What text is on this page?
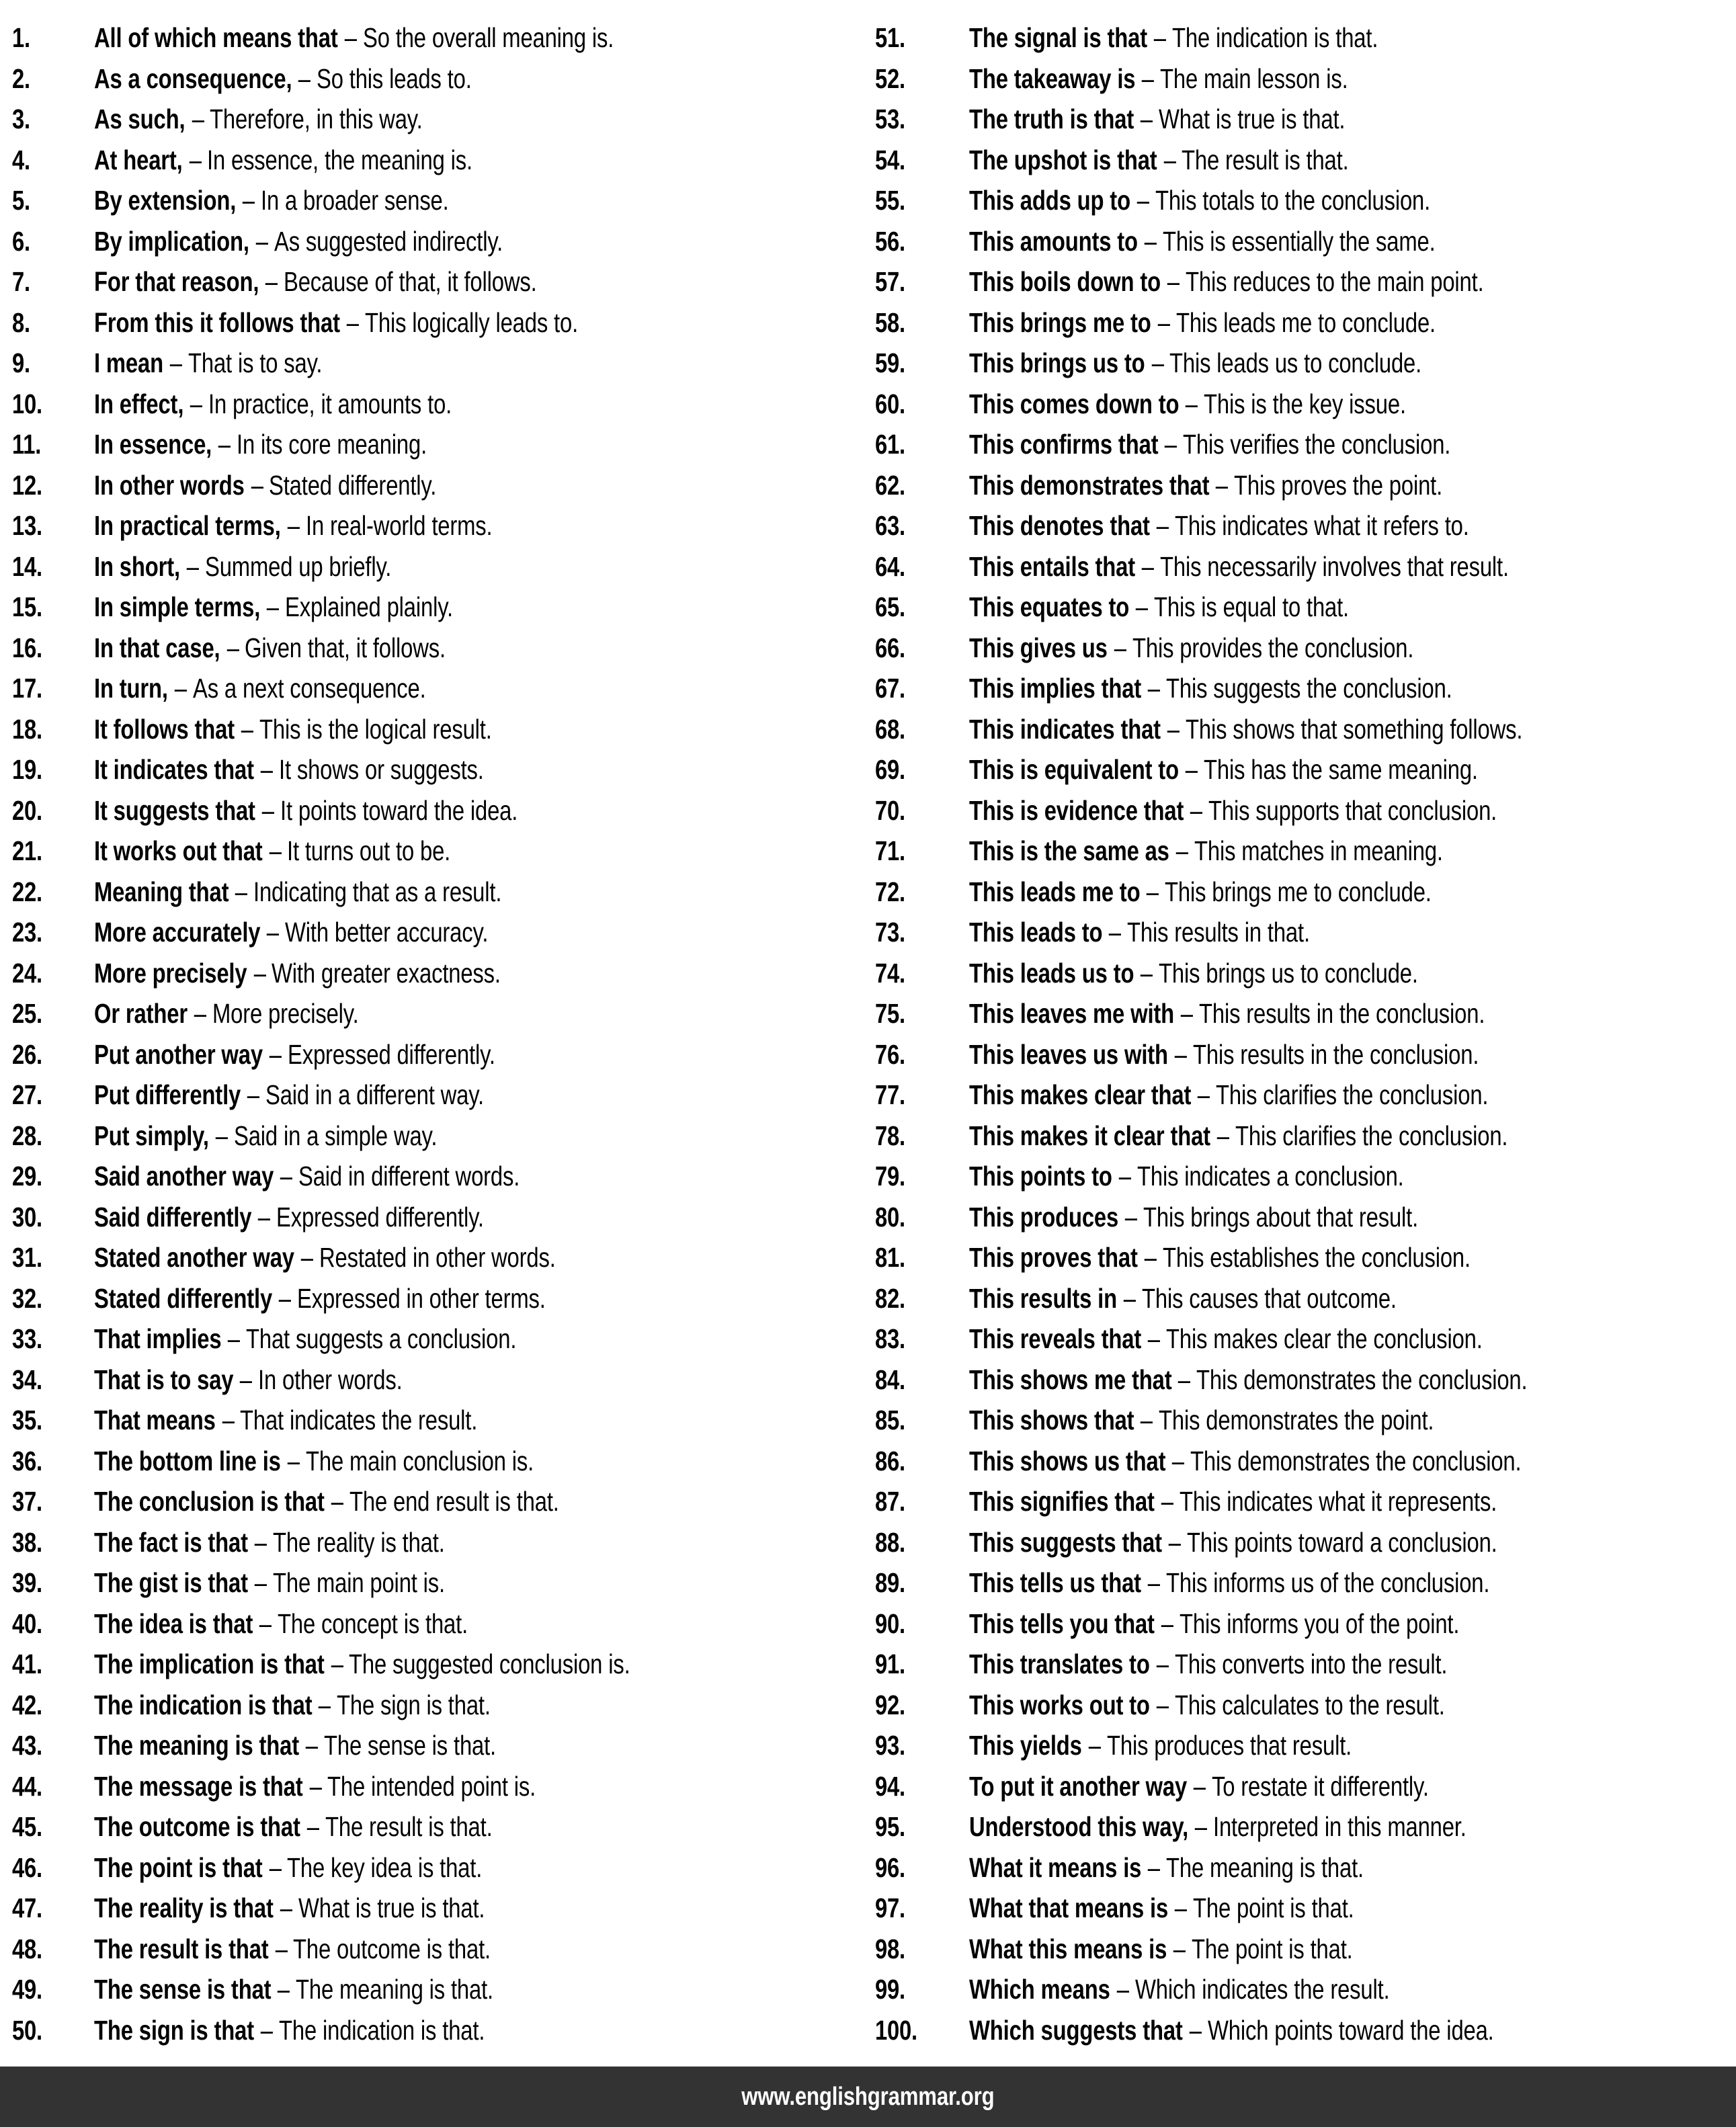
1.	All of which means that – So the overall meaning is.
2.	As a consequence, – So this leads to.
3.	As such, – Therefore, in this way.
4.	At heart, – In essence, the meaning is.
5.	By extension, – In a broader sense.
6.	By implication, – As suggested indirectly.
7.	For that reason, – Because of that, it follows.
8.	From this it follows that – This logically leads to.
9.	I mean – That is to say.
10.	In effect, – In practice, it amounts to.
11.	In essence, – In its core meaning.
12.	In other words – Stated differently.
13.	In practical terms, – In real-world terms.
14.	In short, – Summed up briefly.
15.	In simple terms, – Explained plainly.
16.	In that case, – Given that, it follows.
17.	In turn, – As a next consequence.
18.	It follows that – This is the logical result.
19.	It indicates that – It shows or suggests.
20.	It suggests that – It points toward the idea.
21.	It works out that – It turns out to be.
22.	Meaning that – Indicating that as a result.
23.	More accurately – With better accuracy.
24.	More precisely – With greater exactness.
25.	Or rather – More precisely.
26.	Put another way – Expressed differently.
27.	Put differently – Said in a different way.
28.	Put simply, – Said in a simple way.
29.	Said another way – Said in different words.
30.	Said differently – Expressed differently.
31.	Stated another way – Restated in other words.
32.	Stated differently – Expressed in other terms.
33.	That implies – That suggests a conclusion.
34.	That is to say – In other words.
35.	That means – That indicates the result.
36.	The bottom line is – The main conclusion is.
37.	The conclusion is that – The end result is that.
38.	The fact is that – The reality is that.
39.	The gist is that – The main point is.
40.	The idea is that – The concept is that.
41.	The implication is that – The suggested conclusion is.
42.	The indication is that – The sign is that.
43.	The meaning is that – The sense is that.
44.	The message is that – The intended point is.
45.	The outcome is that – The result is that.
46.	The point is that – The key idea is that.
47.	The reality is that – What is true is that.
48.	The result is that – The outcome is that.
49.	The sense is that – The meaning is that.
50.	The sign is that – The indication is that.
51.	The signal is that – The indication is that.
52.	The takeaway is – The main lesson is.
53.	The truth is that – What is true is that.
54.	The upshot is that – The result is that.
55.	This adds up to – This totals to the conclusion.
56.	This amounts to – This is essentially the same.
57.	This boils down to – This reduces to the main point.
58.	This brings me to – This leads me to conclude.
59.	This brings us to – This leads us to conclude.
60.	This comes down to – This is the key issue.
61.	This confirms that – This verifies the conclusion.
62.	This demonstrates that – This proves the point.
63.	This denotes that – This indicates what it refers to.
64.	This entails that – This necessarily involves that result.
65.	This equates to – This is equal to that.
66.	This gives us – This provides the conclusion.
67.	This implies that – This suggests the conclusion.
68.	This indicates that – This shows that something follows.
69.	This is equivalent to – This has the same meaning.
70.	This is evidence that – This supports that conclusion.
71.	This is the same as – This matches in meaning.
72.	This leads me to – This brings me to conclude.
73.	This leads to – This results in that.
74.	This leads us to – This brings us to conclude.
75.	This leaves me with – This results in the conclusion.
76.	This leaves us with – This results in the conclusion.
77.	This makes clear that – This clarifies the conclusion.
78.	This makes it clear that – This clarifies the conclusion.
79.	This points to – This indicates a conclusion.
80.	This produces – This brings about that result.
81.	This proves that – This establishes the conclusion.
82.	This results in – This causes that outcome.
83.	This reveals that – This makes clear the conclusion.
84.	This shows me that – This demonstrates the conclusion.
85.	This shows that – This demonstrates the point.
86.	This shows us that – This demonstrates the conclusion.
87.	This signifies that – This indicates what it represents.
88.	This suggests that – This points toward a conclusion.
89.	This tells us that – This informs us of the conclusion.
90.	This tells you that – This informs you of the point.
91.	This translates to – This converts into the result.
92.	This works out to – This calculates to the result.
93.	This yields – This produces that result.
94.	To put it another way – To restate it differently.
95.	Understood this way, – Interpreted in this manner.
96.	What it means is – The meaning is that.
97.	What that means is – The point is that.
98.	What this means is – The point is that.
99.	Which means – Which indicates the result.
100.	Which suggests that – Which points toward the idea.
www.englishgrammar.org
